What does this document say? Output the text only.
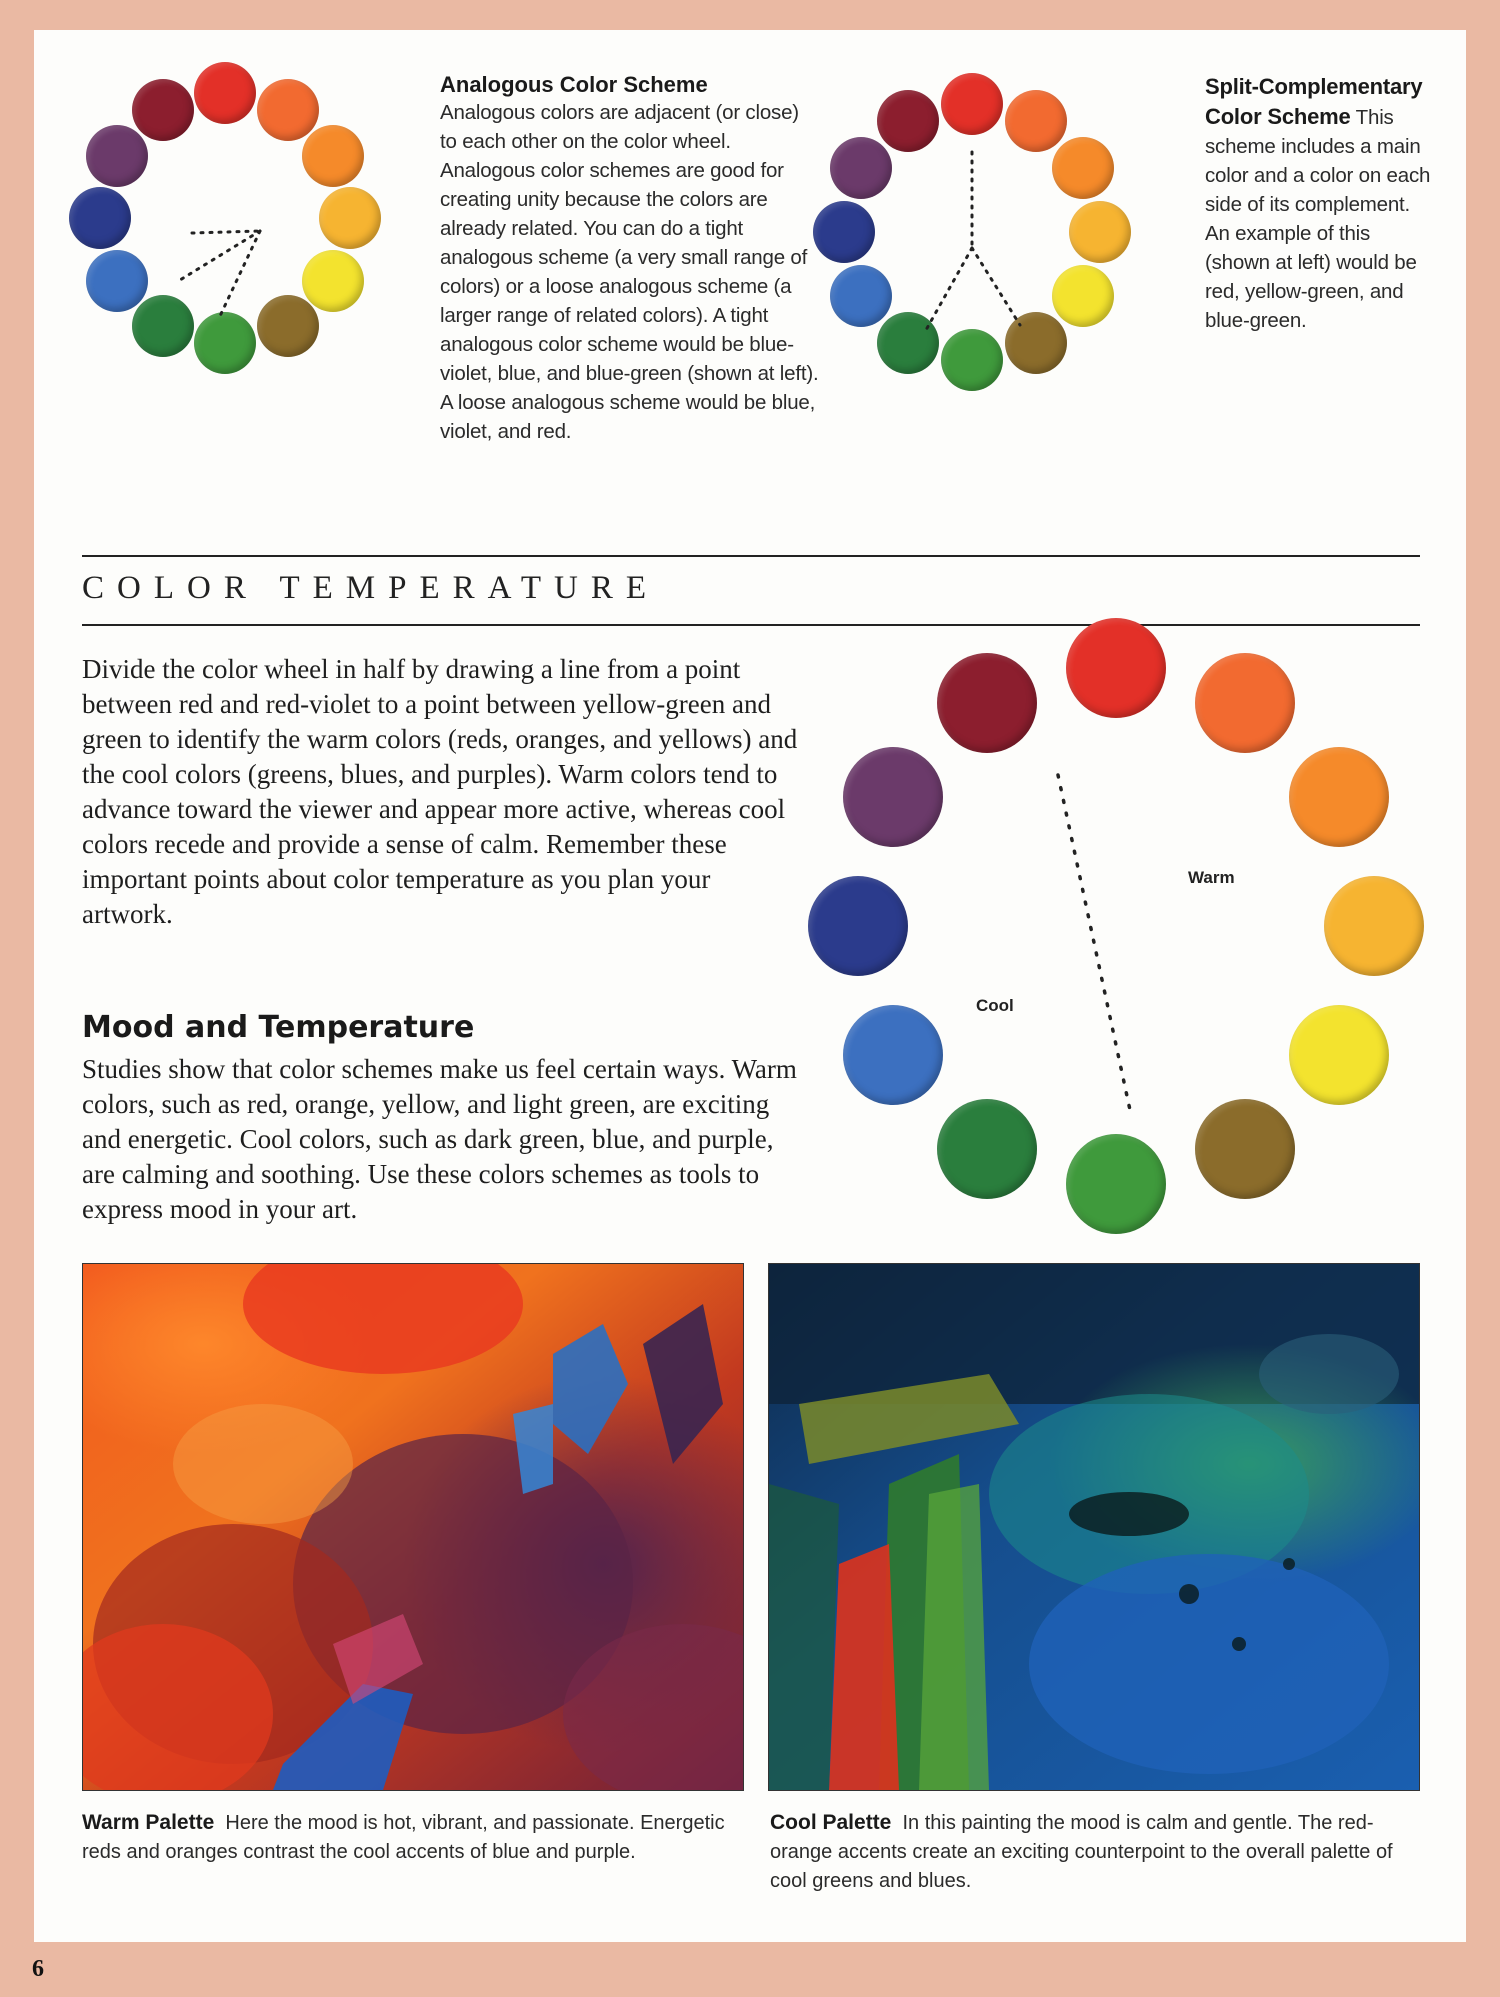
Analogous Color Scheme
Analogous colors are adjacent (or close) to each other on the color wheel. Analogous color schemes are good for creating unity because the colors are already related. You can do a tight analogous scheme (a very small range of colors) or a loose analogous scheme (a larger range of related colors). A tight analogous color scheme would be blue-violet, blue, and blue-green (shown at left). A loose analogous scheme would be blue, violet, and red.
Split-Complementary Color Scheme This scheme includes a main color and a color on each side of its complement. An example of this (shown at left) would be red, yellow-green, and blue-green.
COLOR TEMPERATURE
Divide the color wheel in half by drawing a line from a point between red and red-violet to a point between yellow-green and green to identify the warm colors (reds, oranges, and yellows) and the cool colors (greens, blues, and purples). Warm colors tend to advance toward the viewer and appear more active, whereas cool colors recede and provide a sense of calm. Remember these important points about color temperature as you plan your artwork.
Mood and Temperature
Studies show that color schemes make us feel certain ways. Warm colors, such as red, orange, yellow, and light green, are exciting and energetic. Cool colors, such as dark green, blue, and purple, are calming and soothing. Use these colors schemes as tools to express mood in your art.
Warm
Cool
Warm Palette Here the mood is hot, vibrant, and passionate. Energetic reds and oranges contrast the cool accents of blue and purple.
Cool Palette In this painting the mood is calm and gentle. The red-orange accents create an exciting counterpoint to the overall palette of cool greens and blues.
6
